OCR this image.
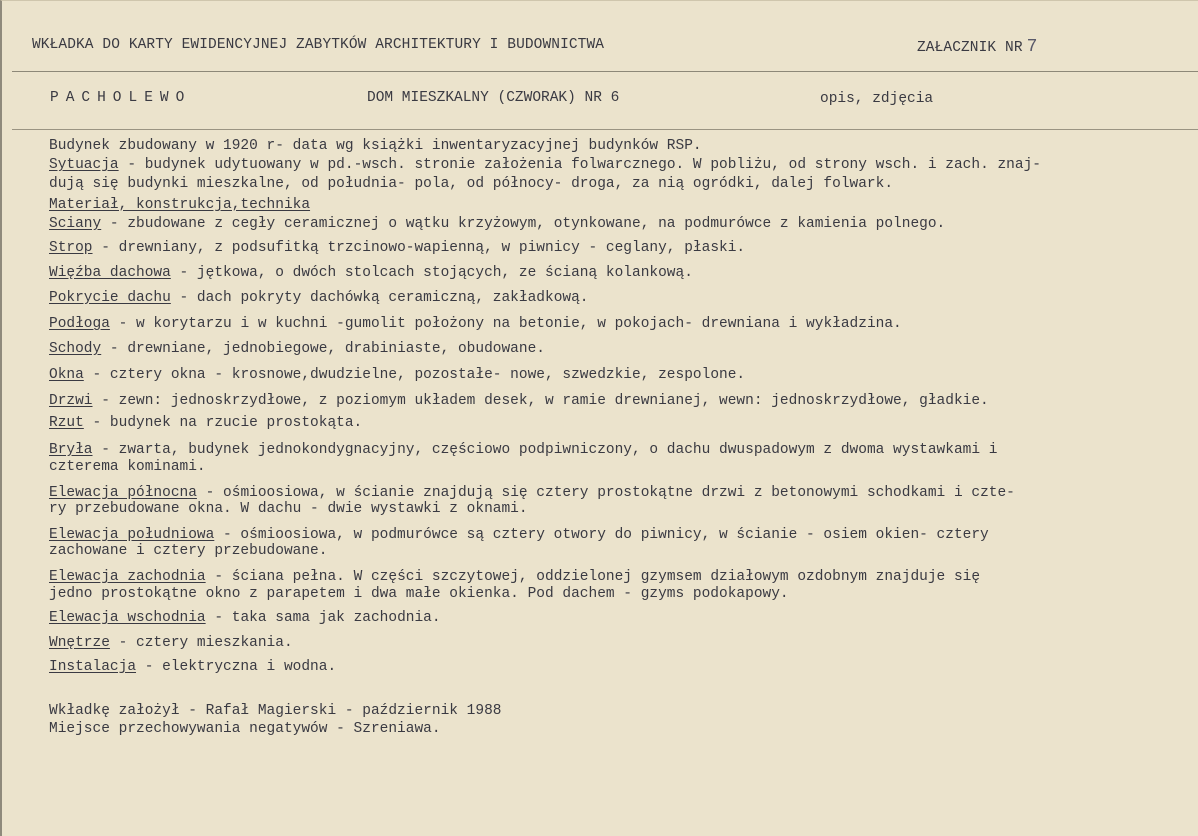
WKŁADKA DO KARTY EWIDENCYJNEJ ZABYTKÓW ARCHITEKTURY I BUDOWNICTWA	ZAŁACZNIK NR 7
PACHOLEWO	DOM MIESZKALNY (CZWORAK) NR 6	opis, zdjęcia
Budynek zbudowany w 1920 r- data wg książki inwentaryzacyjnej budynków RSP.
Sytuacja - budynek udytuowany w pd.-wsch. stronie założenia folwarcznego. W pobliżu, od strony wsch. i zach. znaj-
dują się budynki mieszkalne, od południa- pola, od północy- droga, za nią ogródki, dalej folwark.
Materiał, konstrukcja,technika
Sciany - zbudowane z cegły ceramicznej o wątku krzyżowym, otynkowane, na podmurówce z kamienia polnego.
Strop - drewniany, z podsufitką trzcinowo-wapienną, w piwnicy - ceglany, płaski.
Więźba dachowa - jętkowa, o dwóch stolcach stojących, ze ścianą kolankową.
Pokrycie dachu - dach pokryty dachówką ceramiczną, zakładkową.
Podłoga - w korytarzu i w kuchni -gumolit położony na betonie, w pokojach- drewniana i wykładzina.
Schody - drewniane, jednobiegowe, drabiniaste, obudowane.
Okna - cztery okna - krosnowe,dwudzielne, pozostałe- nowe, szwedzkie, zespolone.
Drzwi - zewn: jednoskrzydłowe, z poziomym układem desek, w ramie drewnianej, wewn: jednoskrzydłowe, gładkie.
Rzut - budynek na rzucie prostokąta.
Bryła - zwarta, budynek jednokondygnacyjny, częściowo podpiwniczony, o dachu dwuspadowym z dwoma wystawkami i
czterema kominami.
Elewacja północna - ośmioosiowa, w ścianie znajdują się cztery prostokątne drzwi z betonowymi schodkami i czte-
ry przebudowane okna. W dachu - dwie wystawki z oknami.
Elewacja południowa - ośmioosiowa, w podmurówce są cztery otwory do piwnicy, w ścianie - osiem okien- cztery
zachowane i cztery przebudowane.
Elewacja zachodnia - ściana pełna. W części szczytowej, oddzielonej gzymsem działowym ozdobnym znajduje się
jedno prostokątne okno z parapetem i dwa małe okienka. Pod dachem - gzyms podokapowy.
Elewacja wschodnia - taka sama jak zachodnia.
Wnętrze - cztery mieszkania.
Instalacja - elektryczna i wodna.
Wkładkę założył - Rafał Magierski - październik 1988
Miejsce przechowywania negatywów - Szreniawa.
